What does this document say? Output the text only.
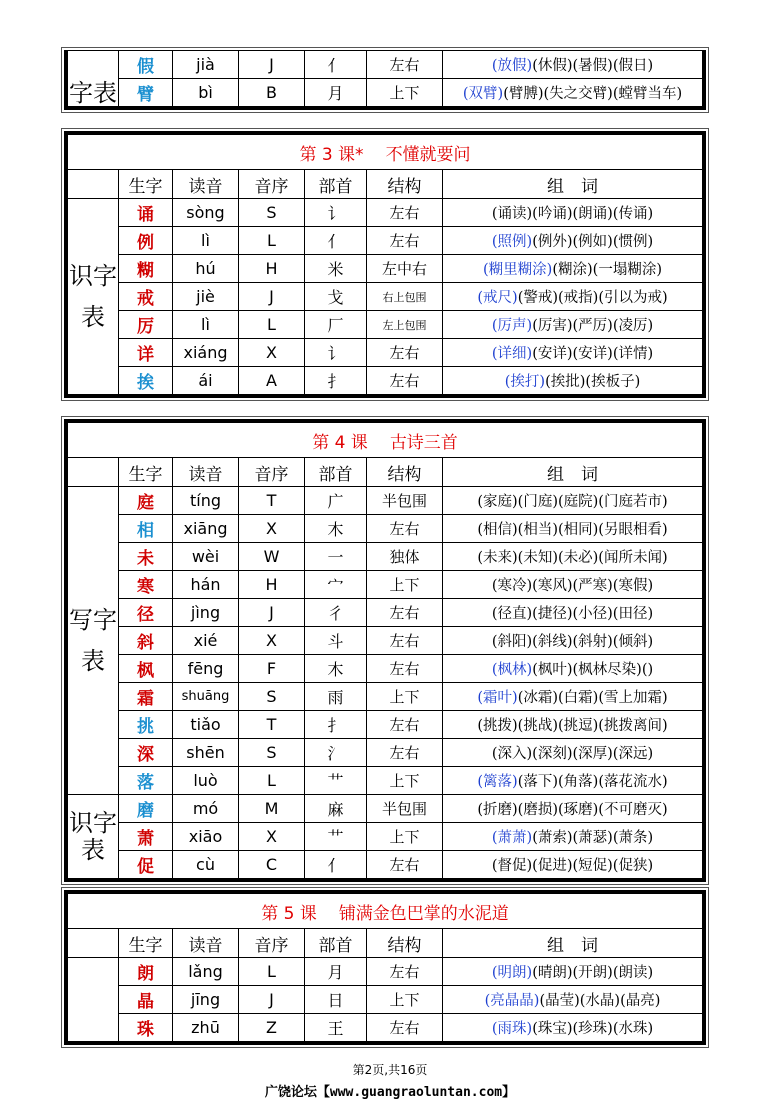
字表	假	jià	J	亻	左右	(放假)(休假)(暑假)(假日)
	臂	bì	B	月	上下	(双臂)(臂膊)(失之交臂)(螳臂当车)
第 3 课* 不懂就要问						
	生字	读音	音序	部首	结构	组　词
识字表	诵	sòng	S	讠	左右	(诵读)(吟诵)(朗诵)(传诵)
	例	lì	L	亻	左右	(照例)(例外)(例如)(惯例)
	糊	hú	H	米	左中右	(糊里糊涂)(糊涂)(一塌糊涂)
	戒	jiè	J	戈	右上包围	(戒尺)(警戒)(戒指)(引以为戒)
	厉	lì	L	厂	左上包围	(厉声)(厉害)(严厉)(凌厉)
	详	xiáng	X	讠	左右	(详细)(安详)(安详)(详情)
	挨	ái	A	扌	左右	(挨打)(挨批)(挨板子)
第 4 课 古诗三首						
	生字	读音	音序	部首	结构	组　词
写字表	庭	tíng	T	广	半包围	(家庭)(门庭)(庭院)(门庭若市)
	相	xiāng	X	木	左右	(相信)(相当)(相同)(另眼相看)
	未	wèi	W	一	独体	(未来)(未知)(未必)(闻所未闻)
	寒	hán	H	宀	上下	(寒冷)(寒风)(严寒)(寒假)
	径	jìng	J	彳	左右	(径直)(捷径)(小径)(田径)
	斜	xié	X	斗	左右	(斜阳)(斜线)(斜射)(倾斜)
	枫	fēng	F	木	左右	(枫林)(枫叶)(枫林尽染)()
	霜	shuāng	S	雨	上下	(霜叶)(冰霜)(白霜)(雪上加霜)
	挑	tiǎo	T	扌	左右	(挑拨)(挑战)(挑逗)(挑拨离间)
	深	shēn	S	氵	左右	(深入)(深刻)(深厚)(深远)
	落	luò	L	艹	上下	(篱落)(落下)(角落)(落花流水)
识字表	磨	mó	M	麻	半包围	(折磨)(磨损)(琢磨)(不可磨灭)
	萧	xiāo	X	艹	上下	(萧萧)(萧索)(萧瑟)(萧条)
	促	cù	C	亻	左右	(督促)(促进)(短促)(促狭)
第 5 课 铺满金色巴掌的水泥道						
	生字	读音	音序	部首	结构	组　词
	朗	lǎng	L	月	左右	(明朗)(晴朗)(开朗)(朗读)
	晶	jīng	J	日	上下	(亮晶晶)(晶莹)(水晶)(晶亮)
	珠	zhū	Z	王	左右	(雨珠)(珠宝)(珍珠)(水珠)
第2页,共16页
广饶论坛【www.guangraoluntan.com】
